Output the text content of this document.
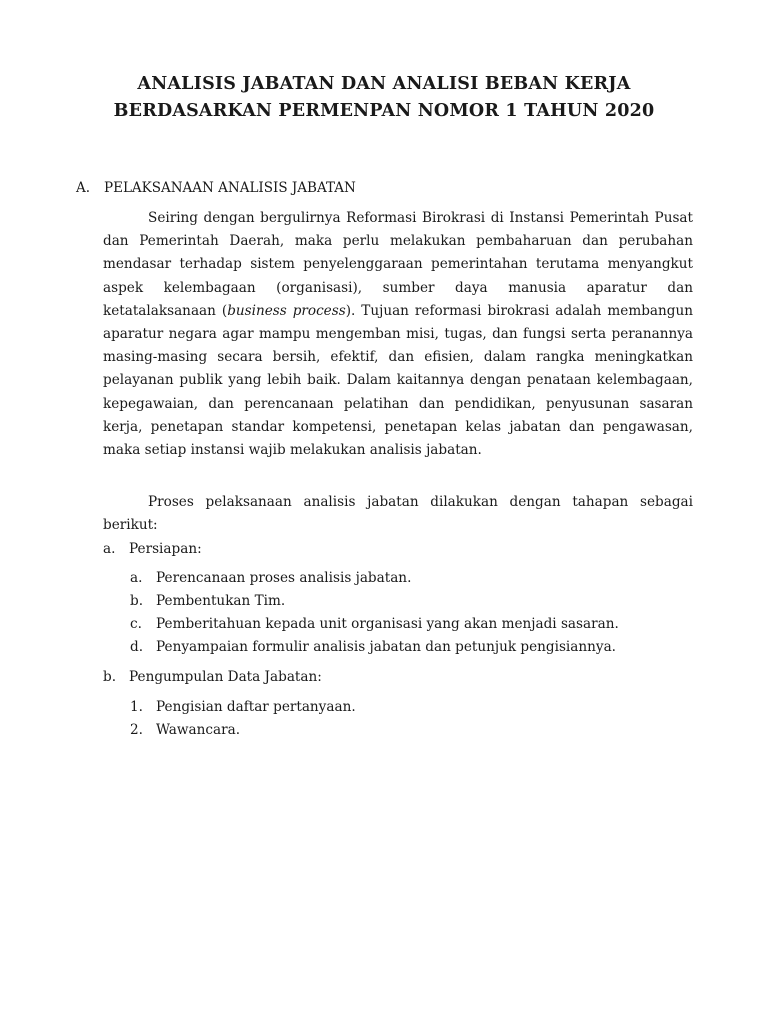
ANALISIS JABATAN DAN ANALISI BEBAN KERJA
BERDASARKAN PERMENPAN NOMOR 1 TAHUN 2020
A. PELAKSANAAN ANALISIS JABATAN

Seiring dengan bergulirnya Reformasi Birokrasi di Instansi Pemerintah Pusat dan Pemerintah Daerah, maka perlu melakukan pembaharuan dan perubahan mendasar terhadap sistem penyelenggaraan pemerintahan terutama menyangkut aspek kelembagaan (organisasi), sumber daya manusia aparatur dan ketatalaksanaan (business process). Tujuan reformasi birokrasi adalah membangun aparatur negara agar mampu mengemban misi, tugas, dan fungsi serta peranannyа masing-masing secara bersih, efektif, dan efisien, dalam rangka meningkatkan pelayanan publik yang lebih baik. Dalam kaitannya dengan penataan kelembagaan, kepegawaian, dan perencanaan pelatihan dan pendidikan, penyusunan sasaran kerja, penetapan standar kompetensi, penetapan kelas jabatan dan pengawasan, maka setiap instansi wajib melakukan analisis jabatan.

Proses pelaksanaan analisis jabatan dilakukan dengan tahapan sebagai berikut:

a. Persiapan:
a. Perencanaan proses analisis jabatan.
b. Pembentukan Tim.
c. Pemberitahuan kepada unit organisasi yang akan menjadi sasaran.
d. Penyampaian formulir analisis jabatan dan petunjuk pengisiannya.
b. Pengumpulan Data Jabatan:
1. Pengisian daftar pertanyaan.
2. Wawancara.
